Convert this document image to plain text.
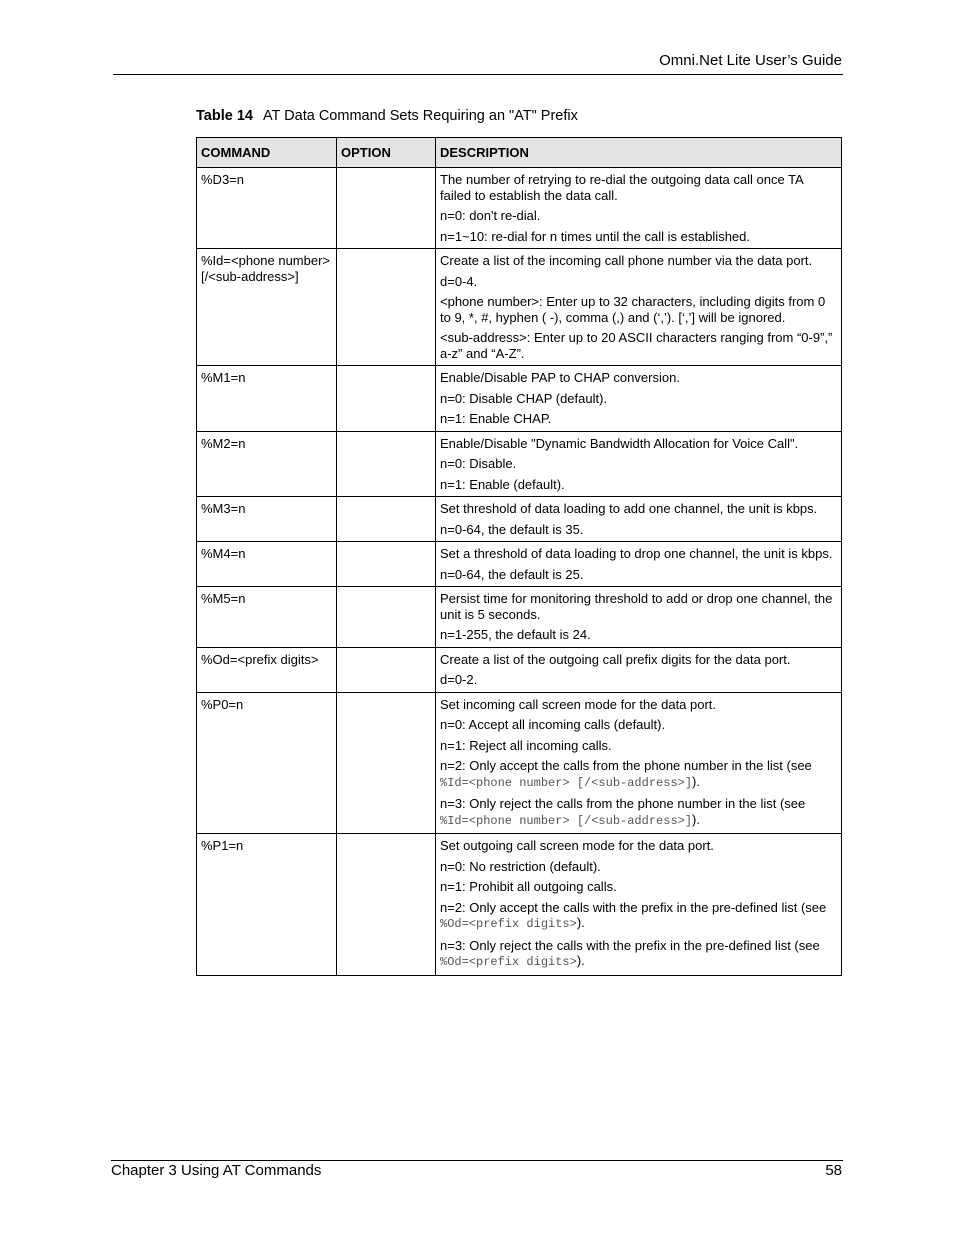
Omni.Net Lite User’s Guide
Table 14 AT Data Command Sets Requiring an "AT" Prefix
COMMAND	OPTION	DESCRIPTION
%D3=n		The number of retrying to re-dial the outgoing data call once TA failed to establish the data call.

n=0: don't re-dial.

n=1~10: re-dial for n times until the call is established.

%Id=<phone number> [/<sub-address>]		Create a list of the incoming call phone number via the data port.

d=0-4.

<phone number>: Enter up to 32 characters, including digits from 0 to 9, *, #, hyphen ( -), comma (,) and (‘,’). [‘,’] will be ignored.

<sub-address>: Enter up to 20 ASCII characters ranging from “0-9”,” a-z” and “A-Z”.

%M1=n		Enable/Disable PAP to CHAP conversion.

n=0: Disable CHAP (default).

n=1: Enable CHAP.

%M2=n		Enable/Disable "Dynamic Bandwidth Allocation for Voice Call".

n=0: Disable.

n=1: Enable (default).

%M3=n		Set threshold of data loading to add one channel, the unit is kbps.

n=0-64, the default is 35.

%M4=n		Set a threshold of data loading to drop one channel, the unit is kbps.

n=0-64, the default is 25.

%M5=n		Persist time for monitoring threshold to add or drop one channel, the unit is 5 seconds.

n=1-255, the default is 24.

%Od=<prefix digits>		Create a list of the outgoing call prefix digits for the data port.

d=0-2.

%P0=n		Set incoming call screen mode for the data port.

n=0: Accept all incoming calls (default).

n=1: Reject all incoming calls.

n=2: Only accept the calls from the phone number in the list (see %Id=<phone number> [/<sub-address>]).

n=3: Only reject the calls from the phone number in the list (see %Id=<phone number> [/<sub-address>]).

%P1=n		Set outgoing call screen mode for the data port.

n=0: No restriction (default).

n=1: Prohibit all outgoing calls.

n=2: Only accept the calls with the prefix in the pre-defined list (see %Od=<prefix digits>).

n=3: Only reject the calls with the prefix in the pre-defined list (see %Od=<prefix digits>).

Chapter 3 Using AT Commands	58
